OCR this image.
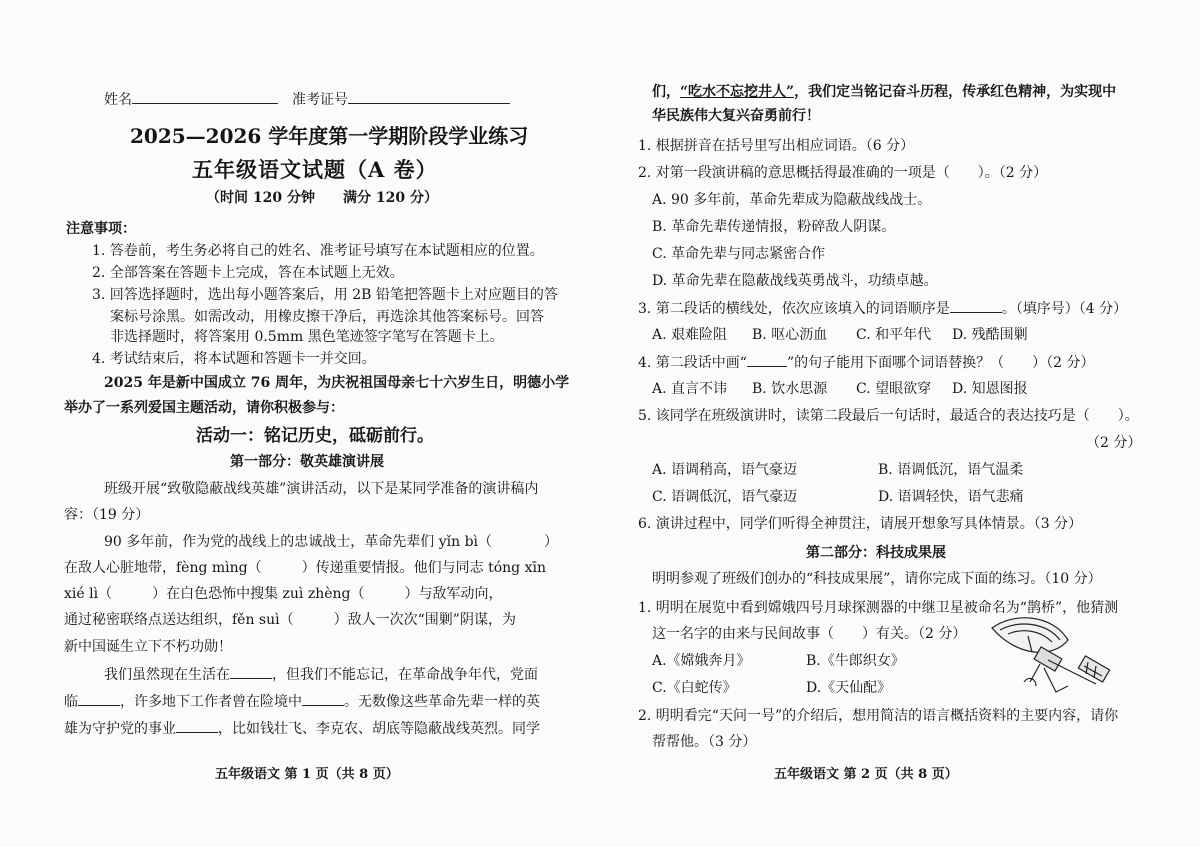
姓名	准考证号
2025—2026 学年度第一学期阶段学业练习
五年级语文试题（A 卷）
（时间 120 分钟　　满分 120 分）
注意事项：
1. 答卷前，考生务必将自己的姓名、准考证号填写在本试题相应的位置。
2. 全部答案在答题卡上完成，答在本试题上无效。
3. 回答选择题时，选出每小题答案后，用 2B 铅笔把答题卡上对应题目的答
案标号涂黑。如需改动，用橡皮擦干净后，再选涂其他答案标号。回答
非选择题时，将答案用 0.5mm 黑色笔迹签字笔写在答题卡上。
4. 考试结束后，将本试题和答题卡一并交回。
2025 年是新中国成立 76 周年，为庆祝祖国母亲七十六岁生日，明德小学
举办了一系列爱国主题活动，请你积极参与：
活动一：铭记历史，砥砺前行。
第一部分：敬英雄演讲展
班级开展“致敬隐蔽战线英雄”演讲活动，以下是某同学准备的演讲稿内
容：（19 分）
90 多年前，作为党的战线上的忠诚战士，革命先辈们 yǐn bì（	）
在敌人心脏地带，fèng mìng（	）传递重要情报。他们与同志 tóng xīn
xié lì（	）在白色恐怖中搜集 zuì zhèng（	）与敌军动向，
通过秘密联络点送达组织，fěn suì（	）敌人一次次“围剿”阴谋，为
新中国诞生立下不朽功勋！
我们虽然现在生活在	，但我们不能忘记，在革命战争年代，党面
临	，许多地下工作者曾在险境中	。无数像这些革命先辈一样的英
雄为守护党的事业	，比如钱壮飞、李克农、胡底等隐蔽战线英烈。同学
五年级语文 第 1 页（共 8 页）
们，“吃水不忘挖井人”，我们定当铭记奋斗历程，传承红色精神，为实现中
华民族伟大复兴奋勇前行！
1. 根据拼音在括号里写出相应词语。（6 分）
2. 对第一段演讲稿的意思概括得最准确的一项是（　　）。（2 分）
A. 90 多年前，革命先辈成为隐蔽战线战士。
B. 革命先辈传递情报，粉碎敌人阴谋。
C. 革命先辈与同志紧密合作
D. 革命先辈在隐蔽战线英勇战斗，功绩卓越。
3. 第二段话的横线处，依次应该填入的词语顺序是	。（填序号）（4 分）
A. 艰难险阻 B. 呕心沥血 C. 和平年代 D. 残酷围剿
4. 第二段话中画“	”的句子能用下面哪个词语替换？（　　）（2 分）
A. 直言不讳 B. 饮水思源 C. 望眼欲穿 D. 知恩图报
5. 该同学在班级演讲时，读第二段最后一句话时，最适合的表达技巧是（　　）。
（2 分）
A. 语调稍高，语气豪迈	B. 语调低沉，语气温柔
C. 语调低沉，语气豪迈	D. 语调轻快，语气悲痛
6. 演讲过程中，同学们听得全神贯注，请展开想象写具体情景。（3 分）
第二部分：科技成果展
明明参观了班级们创办的“科技成果展”，请你完成下面的练习。（10 分）
1. 明明在展览中看到嫦娥四号月球探测器的中继卫星被命名为“鹊桥”，他猜测
这一名字的由来与民间故事（　　）有关。（2 分）
A.《嫦娥奔月》	B.《牛郎织女》
C.《白蛇传》	D.《天仙配》
2. 明明看完“天问一号”的介绍后，想用简洁的语言概括资料的主要内容，请你
帮帮他。（3 分）
五年级语文 第 2 页（共 8 页）
